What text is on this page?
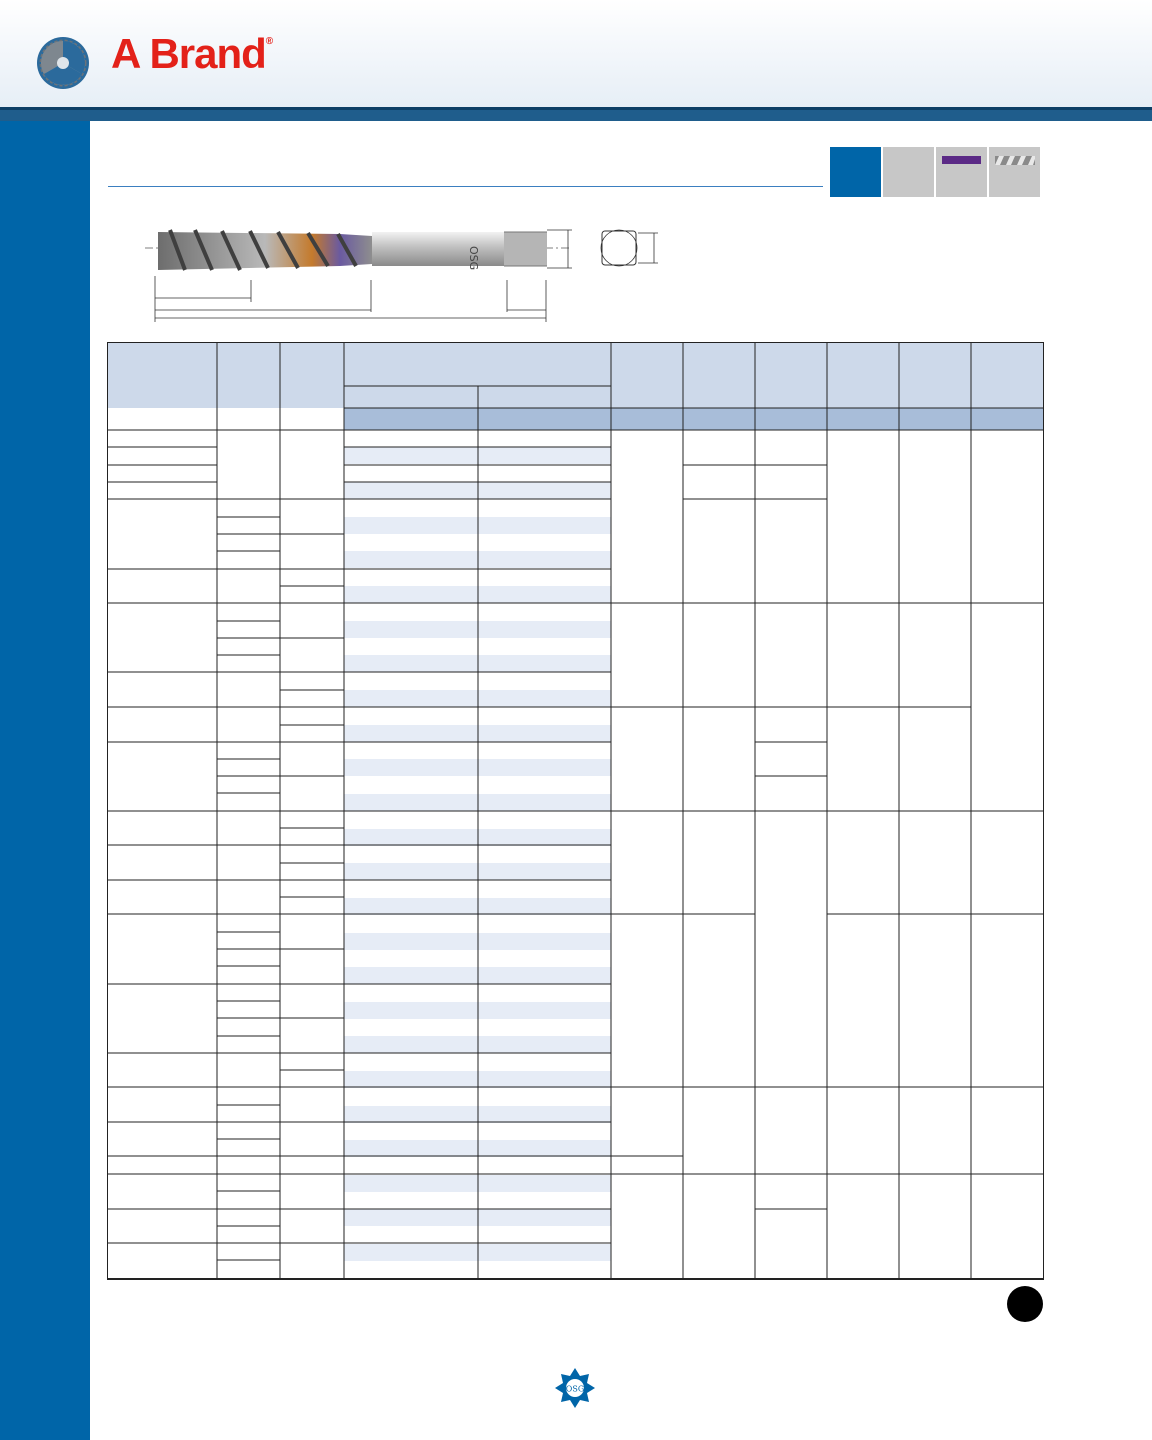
A Brand®
OSG
OSG
